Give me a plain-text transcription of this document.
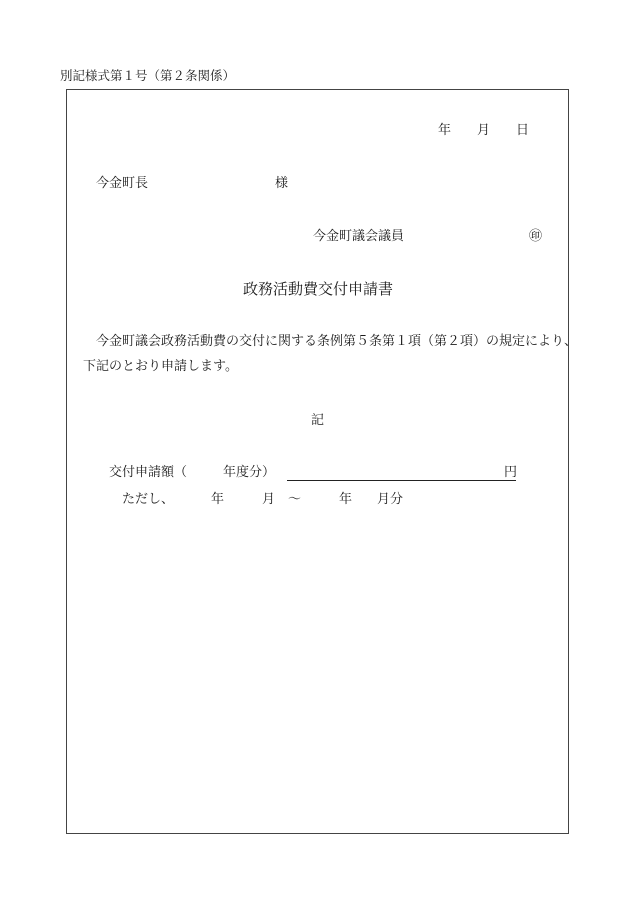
別記様式第１号（第２条関係）
年 月 日
今金町長	様
今金町議会議員	㊞
政務活動費交付申請書
今金町議会政務活動費の交付に関する条例第５条第１項（第２項）の規定により、
下記のとおり申請します。
記
交付申請額（	年度分）	円
ただし、	年	月 ～	年 月分
